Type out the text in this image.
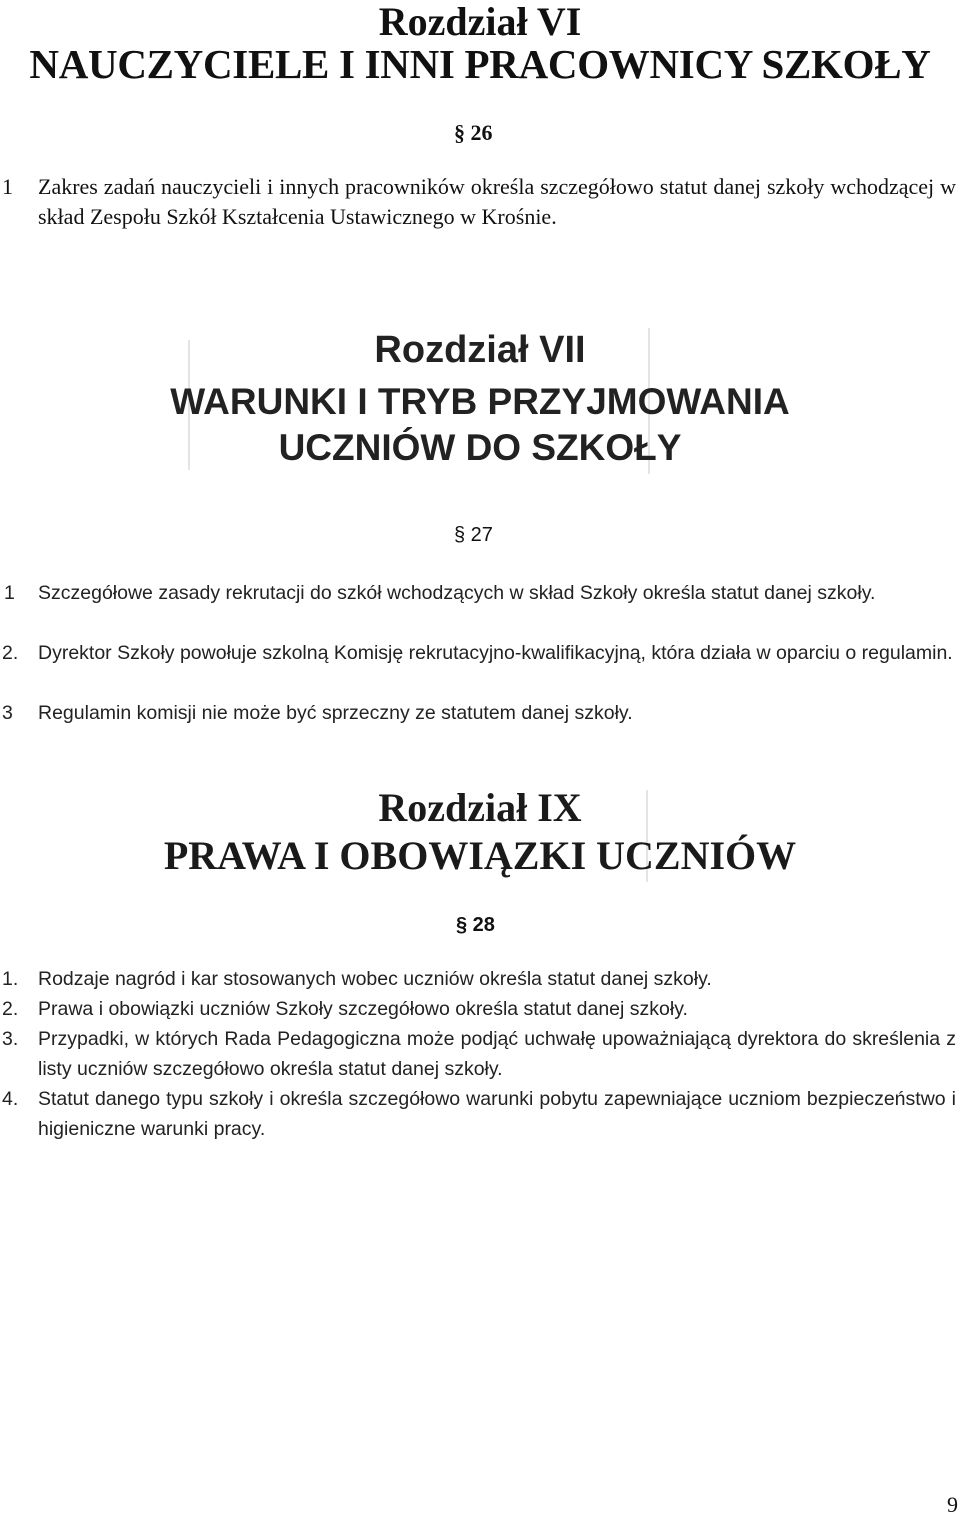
Rozdział VI
NAUCZYCIELE I INNI PRACOWNICY SZKOŁY
§ 26
1	Zakres zadań nauczycieli i innych pracowników określa szczegółowo statut danej szkoły wchodzącej w skład Zespołu Szkół Kształcenia Ustawicznego w Krośnie.
Rozdział VII
WARUNKI I TRYB PRZYJMOWANIA
UCZNIÓW DO SZKOŁY
§ 27
1	Szczegółowe zasady rekrutacji do szkół wchodzących w skład Szkoły określa statut danej szkoły.
2.	Dyrektor Szkoły powołuje szkolną Komisję rekrutacyjno-kwalifikacyjną, która działa w oparciu o regulamin.
3	Regulamin komisji nie może być sprzeczny ze statutem danej szkoły.
Rozdział IX
PRAWA I OBOWIĄZKI UCZNIÓW
§ 28
1.	Rodzaje nagród i kar stosowanych wobec uczniów określa statut danej szkoły.
2.	Prawa i obowiązki uczniów Szkoły szczegółowo określa statut danej szkoły.
3.	Przypadki, w których Rada Pedagogiczna może podjąć uchwałę upoważniającą dyrektora do skreślenia z listy uczniów szczegółowo określa statut danej szkoły.
4.	Statut danego typu szkoły i określa szczegółowo warunki pobytu zapewniające uczniom bezpieczeństwo i higieniczne warunki pracy.
9
